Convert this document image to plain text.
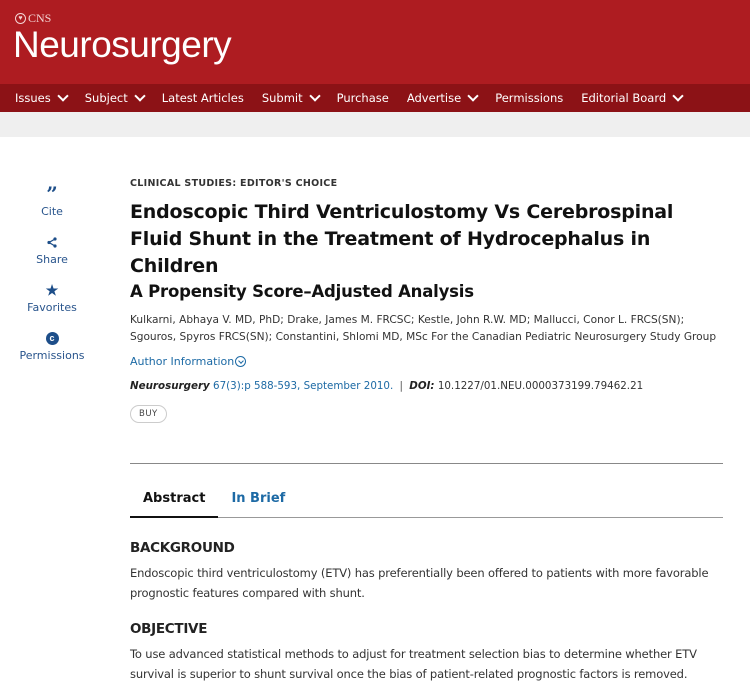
♥ CNS
Neurosurgery
Issues	Subject	Latest Articles Submit	Purchase Advertise	Permissions Editorial Board
”
Cite
Share
★
Favorites
c
Permissions
CLINICAL STUDIES: EDITOR'S CHOICE
Endoscopic Third Ventriculostomy Vs Cerebrospinal Fluid Shunt in the Treatment of Hydrocephalus in Children
A Propensity Score–Adjusted Analysis
Kulkarni, Abhaya V. MD, PhD; Drake, James M. FRCSC; Kestle, John R.W. MD; Mallucci, Conor L. FRCS(SN); Sgouros, Spyros FRCS(SN); Constantini, Shlomi MD, MSc For the Canadian Pediatric Neurosurgery Study Group
Author Information
Neurosurgery 67(3):p 588-593, September 2010. | DOI: 10.1227/01.NEU.0000373199.79462.21
BUY
Abstract	In Brief
BACKGROUND

Endoscopic third ventriculostomy (ETV) has preferentially been offered to patients with more favorable prognostic features compared with shunt.

OBJECTIVE

To use advanced statistical methods to adjust for treatment selection bias to determine whether ETV survival is superior to shunt survival once the bias of patient-related prognostic factors is removed.
